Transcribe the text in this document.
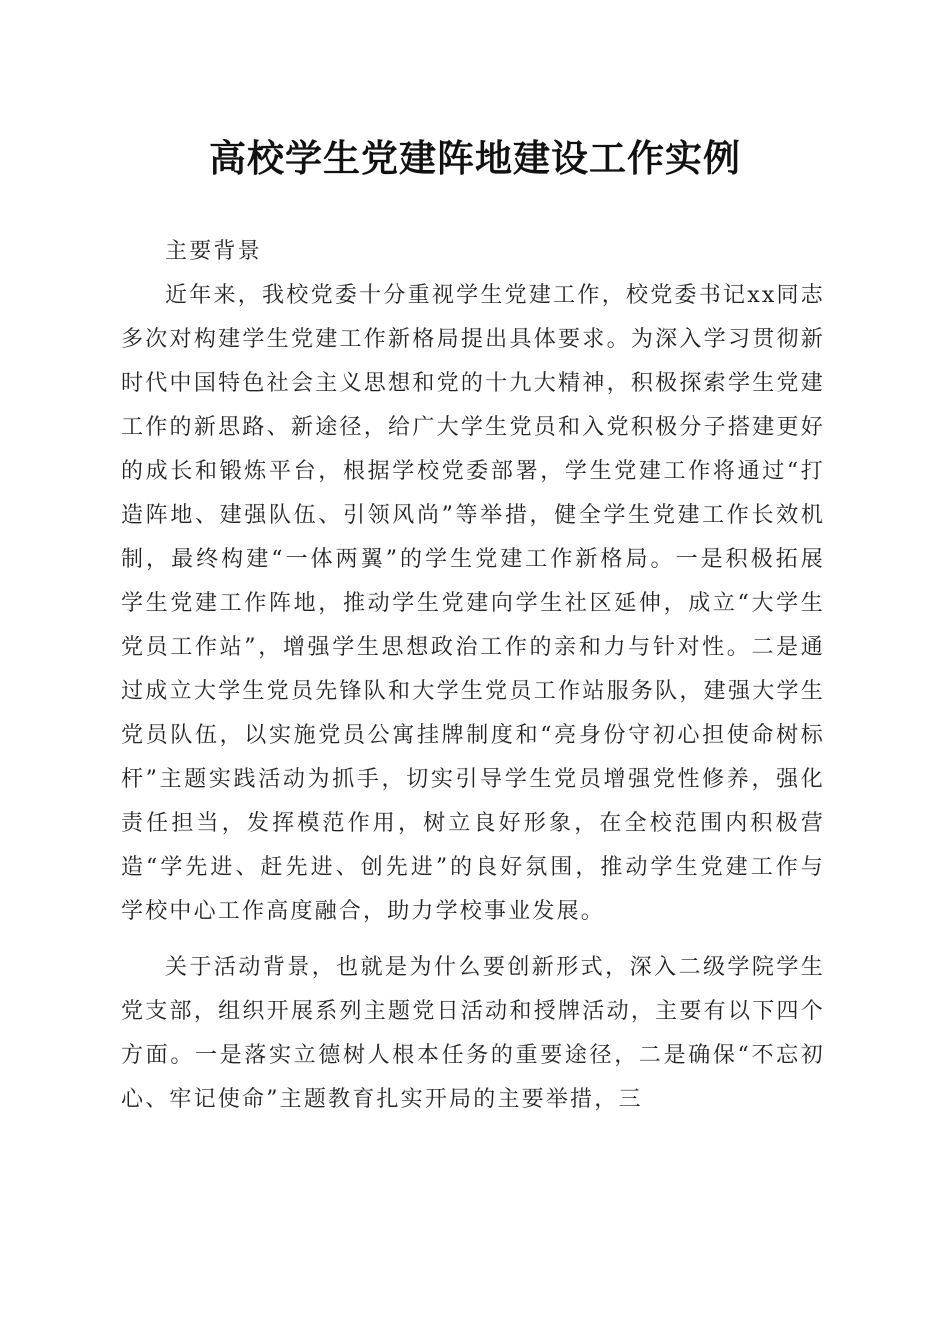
高校学生党建阵地建设工作实例

主要背景

近年来，我校党委十分重视学生党建工作，校党委书记xx同志多次对构建学生党建工作新格局提出具体要求。为深入学习贯彻新时代中国特色社会主义思想和党的十九大精神，积极探索学生党建工作的新思路、新途径，给广大学生党员和入党积极分子搭建更好的成长和锻炼平台，根据学校党委部署，学生党建工作将通过“打造阵地、建强队伍、引领风尚”等举措，健全学生党建工作长效机制，最终构建“一体两翼”的学生党建工作新格局。一是积极拓展学生党建工作阵地，推动学生党建向学生社区延伸，成立“大学生党员工作站”，增强学生思想政治工作的亲和力与针对性。二是通过成立大学生党员先锋队和大学生党员工作站服务队，建强大学生党员队伍，以实施党员公寓挂牌制度和“亮身份守初心担使命树标杆”主题实践活动为抓手，切实引导学生党员增强党性修养，强化责任担当，发挥模范作用，树立良好形象，在全校范围内积极营造“学先进、赶先进、创先进”的良好氛围，推动学生党建工作与学校中心工作高度融合，助力学校事业发展。

关于活动背景，也就是为什么要创新形式，深入二级学院学生党支部，组织开展系列主题党日活动和授牌活动，主要有以下四个方面。一是落实立德树人根本任务的重要途径，二是确保“不忘初心、牢记使命”主题教育扎实开局的主要举措，三
